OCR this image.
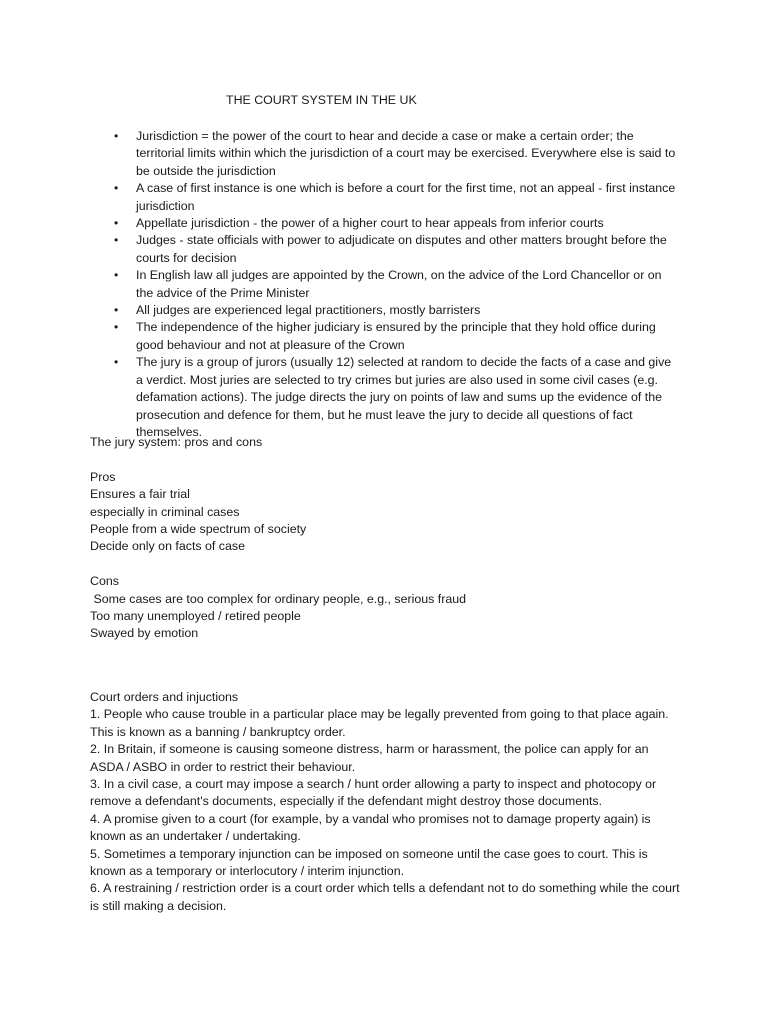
THE COURT SYSTEM IN THE UK
• Jurisdiction = the power of the court to hear and decide a case or make a certain order; the territorial limits within which the jurisdiction of a court may be exercised. Everywhere else is said to be outside the jurisdiction
• A case of first instance is one which is before a court for the first time, not an appeal - first instance jurisdiction
• Appellate jurisdiction - the power of a higher court to hear appeals from inferior courts
• Judges - state officials with power to adjudicate on disputes and other matters brought before the courts for decision
• In English law all judges are appointed by the Crown, on the advice of the Lord Chancellor or on the advice of the Prime Minister
• All judges are experienced legal practitioners, mostly barristers
• The independence of the higher judiciary is ensured by the principle that they hold office during good behaviour and not at pleasure of the Crown
• The jury is a group of jurors (usually 12) selected at random to decide the facts of a case and give a verdict. Most juries are selected to try crimes but juries are also used in some civil cases (e.g. defamation actions). The judge directs the jury on points of law and sums up the evidence of the prosecution and defence for them, but he must leave the jury to decide all questions of fact themselves.

The jury system: pros and cons

Pros

Ensures a fair trial

especially in criminal cases

People from a wide spectrum of society

Decide only on facts of case

Cons

Some cases are too complex for ordinary people, e.g., serious fraud

Too many unemployed / retired people

Swayed by emotion

Court orders and injuctions

1. People who cause trouble in a particular place may be legally prevented from going to that place again. This is known as a banning / bankruptcy order.

2. In Britain, if someone is causing someone distress, harm or harassment, the police can apply for an ASDA / ASBO in order to restrict their behaviour.

3. In a civil case, a court may impose a search / hunt order allowing a party to inspect and photocopy or remove a defendant's documents, especially if the defendant might destroy those documents.

4. A promise given to a court (for example, by a vandal who promises not to damage property again) is known as an undertaker / undertaking.

5. Sometimes a temporary injunction can be imposed on someone until the case goes to court. This is known as a temporary or interlocutory / interim injunction.

6. A restraining / restriction order is a court order which tells a defendant not to do something while the court is still making a decision.
